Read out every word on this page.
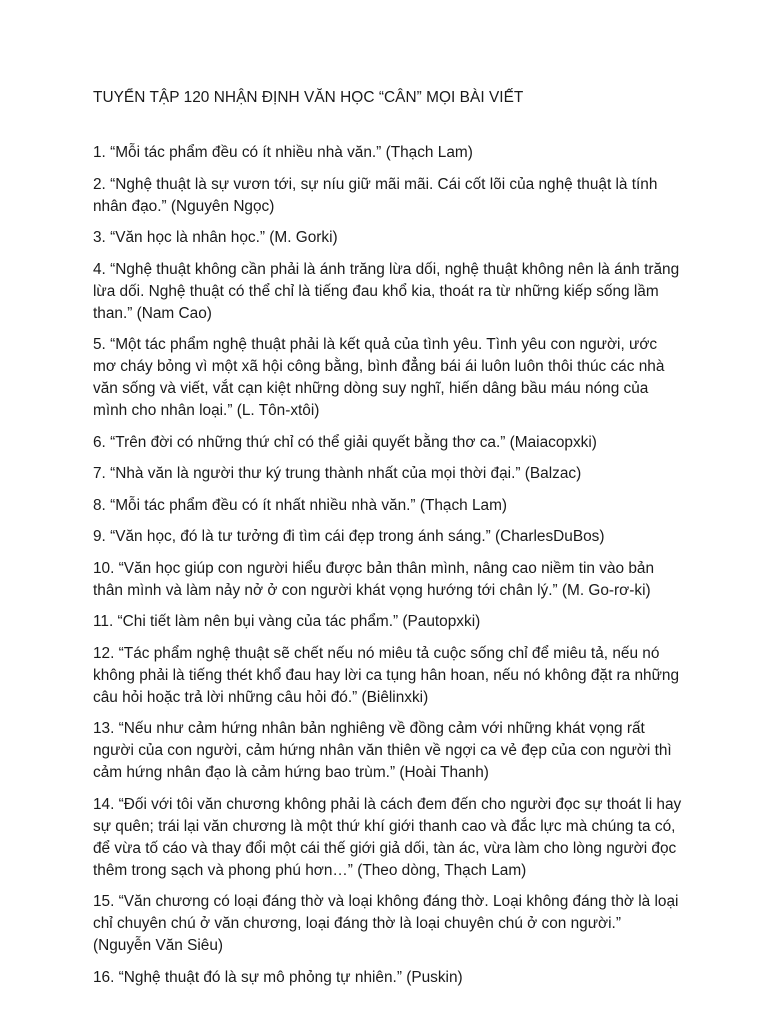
TUYỂN TẬP 120 NHẬN ĐỊNH VĂN HỌC “CÂN” MỌI BÀI VIẾT
1. “Mỗi tác phẩm đều có ít nhiều nhà văn.” (Thạch Lam)
2. “Nghệ thuật là sự vươn tới, sự níu giữ mãi mãi. Cái cốt lõi của nghệ thuật là tính nhân đạo.” (Nguyên Ngọc)
3. “Văn học là nhân học.” (M. Gorki)
4. “Nghệ thuật không cần phải là ánh trăng lừa dối, nghệ thuật không nên là ánh trăng lừa dối. Nghệ thuật có thể chỉ là tiếng đau khổ kia, thoát ra từ những kiếp sống lầm than.” (Nam Cao)
5. “Một tác phẩm nghệ thuật phải là kết quả của tình yêu. Tình yêu con người, ước mơ cháy bỏng vì một xã hội công bằng, bình đẳng bái ái luôn luôn thôi thúc các nhà văn sống và viết, vắt cạn kiệt những dòng suy nghĩ, hiến dâng bầu máu nóng của mình cho nhân loại.” (L. Tôn-xtôi)
6. “Trên đời có những thứ chỉ có thể giải quyết bằng thơ ca.” (Maiacopxki)
7. “Nhà văn là người thư ký trung thành nhất của mọi thời đại.” (Balzac)
8. “Mỗi tác phẩm đều có ít nhất nhiều nhà văn.” (Thạch Lam)
9. “Văn học, đó là tư tưởng đi tìm cái đẹp trong ánh sáng.” (CharlesDuBos)
10. “Văn học giúp con người hiểu được bản thân mình, nâng cao niềm tin vào bản thân mình và làm nảy nở ở con người khát vọng hướng tới chân lý.” (M. Go-rơ-ki)
11. “Chi tiết làm nên bụi vàng của tác phẩm.” (Pautopxki)
12. “Tác phẩm nghệ thuật sẽ chết nếu nó miêu tả cuộc sống chỉ để miêu tả, nếu nó không phải là tiếng thét khổ đau hay lời ca tụng hân hoan, nếu nó không đặt ra những câu hỏi hoặc trả lời những câu hỏi đó.” (Biêlinxki)
13. “Nếu như cảm hứng nhân bản nghiêng về đồng cảm với những khát vọng rất người của con người, cảm hứng nhân văn thiên về ngợi ca vẻ đẹp của con người thì cảm hứng nhân đạo là cảm hứng bao trùm.” (Hoài Thanh)
14. “Đối với tôi văn chương không phải là cách đem đến cho người đọc sự thoát li hay sự quên; trái lại văn chương là một thứ khí giới thanh cao và đắc lực mà chúng ta có, để vừa tố cáo và thay đổi một cái thế giới giả dối, tàn ác, vừa làm cho lòng người đọc thêm trong sạch và phong phú hơn…” (Theo dòng, Thạch Lam)
15. “Văn chương có loại đáng thờ và loại không đáng thờ. Loại không đáng thờ là loại chỉ chuyên chú ở văn chương, loại đáng thờ là loại chuyên chú ở con người.” (Nguyễn Văn Siêu)
16. “Nghệ thuật đó là sự mô phỏng tự nhiên.” (Puskin)
